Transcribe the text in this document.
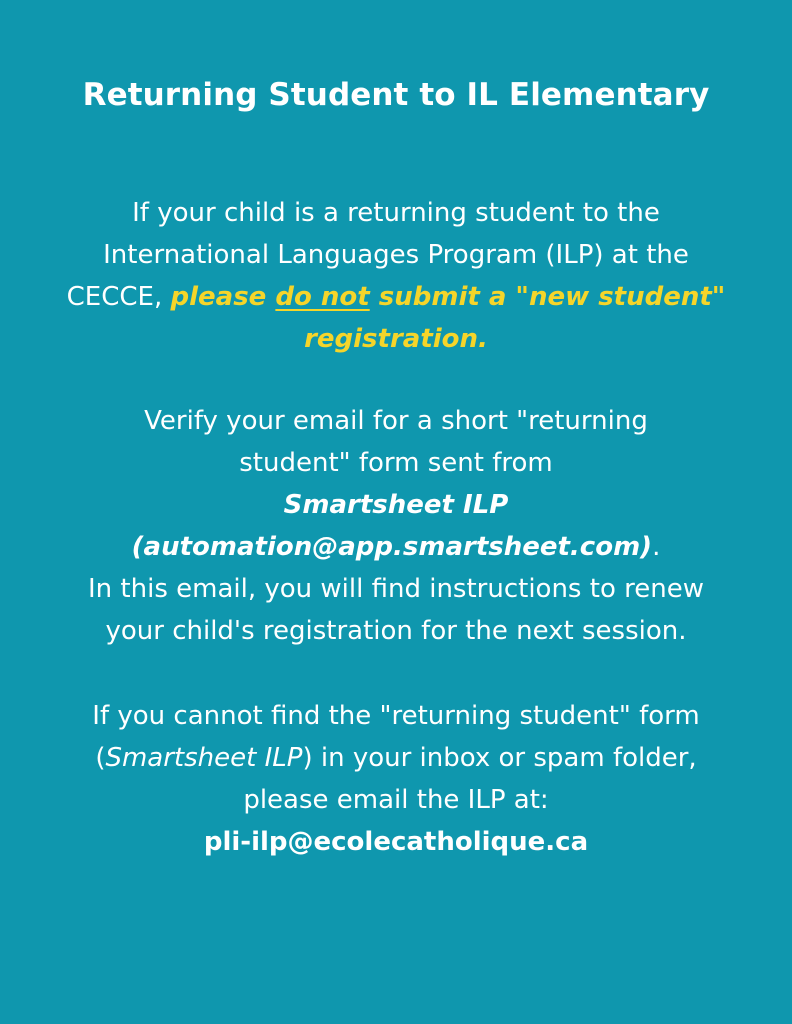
Returning Student to IL Elementary

If your child is a returning student to the
International Languages Program (ILP) at the
CECCE, please do not submit a "new student"
registration.

Verify your email for a short "returning
student" form sent from
Smartsheet ILP
(automation@app.smartsheet.com).
In this email, you will find instructions to renew
your child's registration for the next session.

If you cannot find the "returning student" form
(Smartsheet ILP) in your inbox or spam folder,
please email the ILP at:
pli-ilp@ecolecatholique.ca
